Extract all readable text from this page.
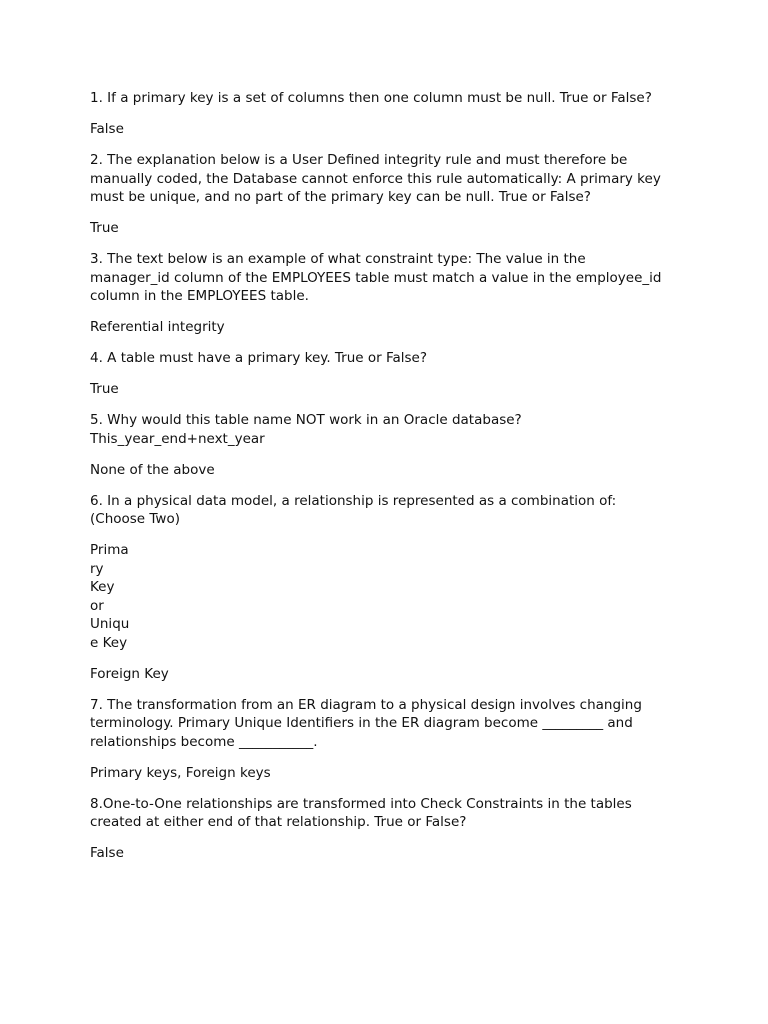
1. If a primary key is a set of columns then one column must be null. True or False?
False
2. The explanation below is a User Defined integrity rule and must therefore be
manually coded, the Database cannot enforce this rule automatically: A primary key
must be unique, and no part of the primary key can be null. True or False?
True
3. The text below is an example of what constraint type: The value in the
manager_id column of the EMPLOYEES table must match a value in the employee_id
column in the EMPLOYEES table.
Referential integrity
4. A table must have a primary key. True or False?
True
5. Why would this table name NOT work in an Oracle database?
This_year_end+next_year
None of the above
6. In a physical data model, a relationship is represented as a combination of:
(Choose Two)
Prima
ry
Key
or
Uniqu
e Key
Foreign Key
7. The transformation from an ER diagram to a physical design involves changing
terminology. Primary Unique Identifiers in the ER diagram become _________ and
relationships become ___________.
Primary keys, Foreign keys
8.One-to-One relationships are transformed into Check Constraints in the tables
created at either end of that relationship. True or False?
False
